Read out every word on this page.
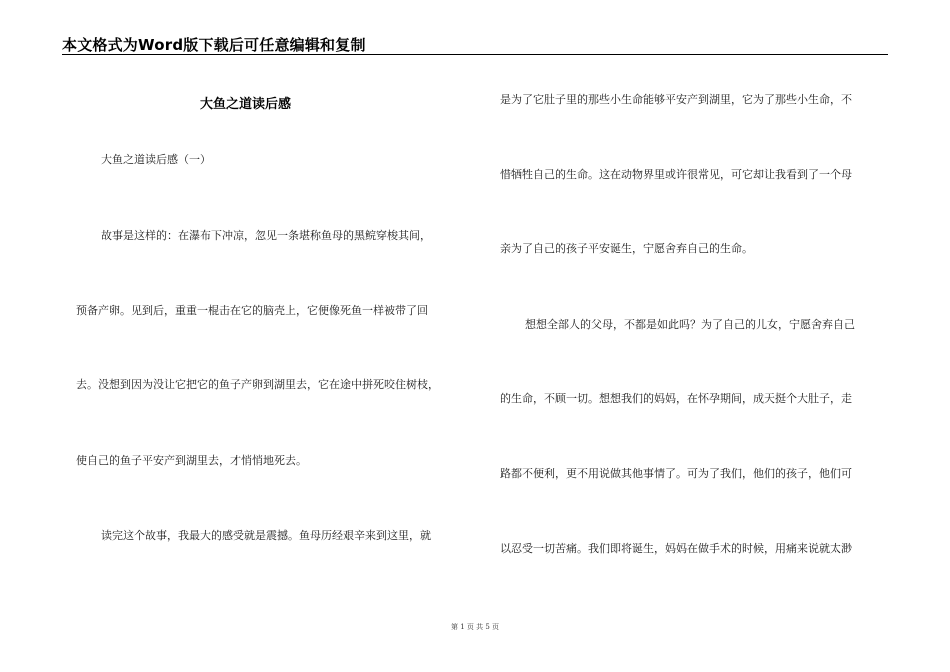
本文格式为Word版下载后可任意编辑和复制
大鱼之道读后感
大鱼之道读后感（一）
故事是这样的：在瀑布下冲凉，忽见一条堪称鱼母的黑鲩穿梭其间，
预备产卵。见到后，重重一棍击在它的脑壳上，它便像死鱼一样被带了回
去。没想到因为没让它把它的鱼子产卵到湖里去，它在途中拼死咬住树枝，
使自己的鱼子平安产到湖里去，才悄悄地死去。
读完这个故事，我最大的感受就是震撼。鱼母历经艰辛来到这里，就
是为了它肚子里的那些小生命能够平安产到湖里，它为了那些小生命，不
惜牺牲自己的生命。这在动物界里或许很常见，可它却让我看到了一个母
亲为了自己的孩子平安诞生，宁愿舍弃自己的生命。
想想全部人的父母，不都是如此吗？为了自己的儿女，宁愿舍弃自己
的生命，不顾一切。想想我们的妈妈，在怀孕期间，成天挺个大肚子，走
路都不便利，更不用说做其他事情了。可为了我们，他们的孩子，他们可
以忍受一切苦痛。我们即将诞生，妈妈在做手术的时候，用痛来说就太渺
第 1 页 共 5 页
